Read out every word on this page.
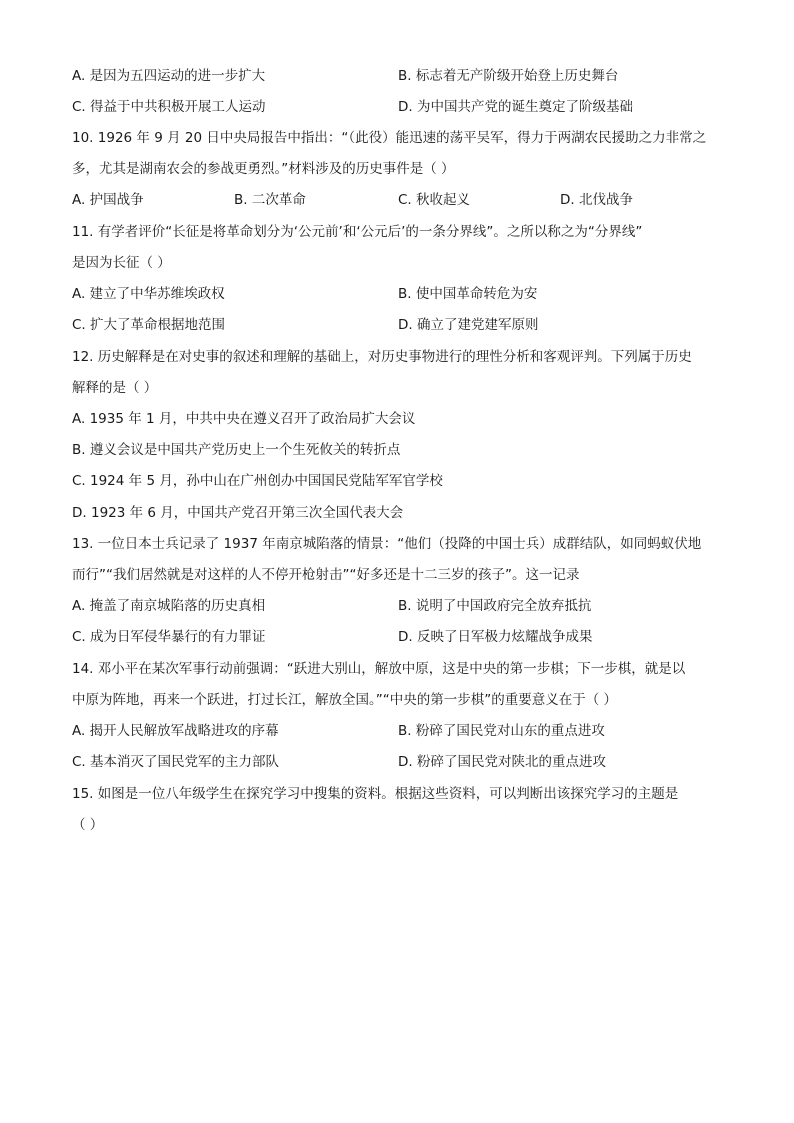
A. 是因为五四运动的进一步扩大	B. 标志着无产阶级开始登上历史舞台
C. 得益于中共积极开展工人运动	D. 为中国共产党的诞生奠定了阶级基础
10. 1926 年 9 月 20 日中央局报告中指出：“（此役）能迅速的荡平吴军，得力于两湖农民援助之力非常之
多，尤其是湖南农会的参战更勇烈。”材料涉及的历史事件是（ ）
A. 护国战争	B. 二次革命	C. 秋收起义	D. 北伐战争
11. 有学者评价“长征是将革命划分为‘公元前’和‘公元后’的一条分界线”。之所以称之为“分界线”
是因为长征（ ）
A. 建立了中华苏维埃政权	B. 使中国革命转危为安
C. 扩大了革命根据地范围	D. 确立了建党建军原则
12. 历史解释是在对史事的叙述和理解的基础上，对历史事物进行的理性分析和客观评判。下列属于历史
解释的是（ ）
A. 1935 年 1 月，中共中央在遵义召开了政治局扩大会议
B. 遵义会议是中国共产党历史上一个生死攸关的转折点
C. 1924 年 5 月，孙中山在广州创办中国国民党陆军军官学校
D. 1923 年 6 月，中国共产党召开第三次全国代表大会
13. 一位日本士兵记录了 1937 年南京城陷落的情景：“他们（投降的中国士兵）成群结队，如同蚂蚁伏地
而行”“我们居然就是对这样的人不停开枪射击”“好多还是十二三岁的孩子”。这一记录
A. 掩盖了南京城陷落的历史真相	B. 说明了中国政府完全放弃抵抗
C. 成为日军侵华暴行的有力罪证	D. 反映了日军极力炫耀战争成果
14. 邓小平在某次军事行动前强调：“跃进大别山，解放中原，这是中央的第一步棋；下一步棋，就是以
中原为阵地，再来一个跃进，打过长江，解放全国。”“中央的第一步棋”的重要意义在于（ ）
A. 揭开人民解放军战略进攻的序幕	B. 粉碎了国民党对山东的重点进攻
C. 基本消灭了国民党军的主力部队	D. 粉碎了国民党对陕北的重点进攻
15. 如图是一位八年级学生在探究学习中搜集的资料。根据这些资料，可以判断出该探究学习的主题是
（ ）
